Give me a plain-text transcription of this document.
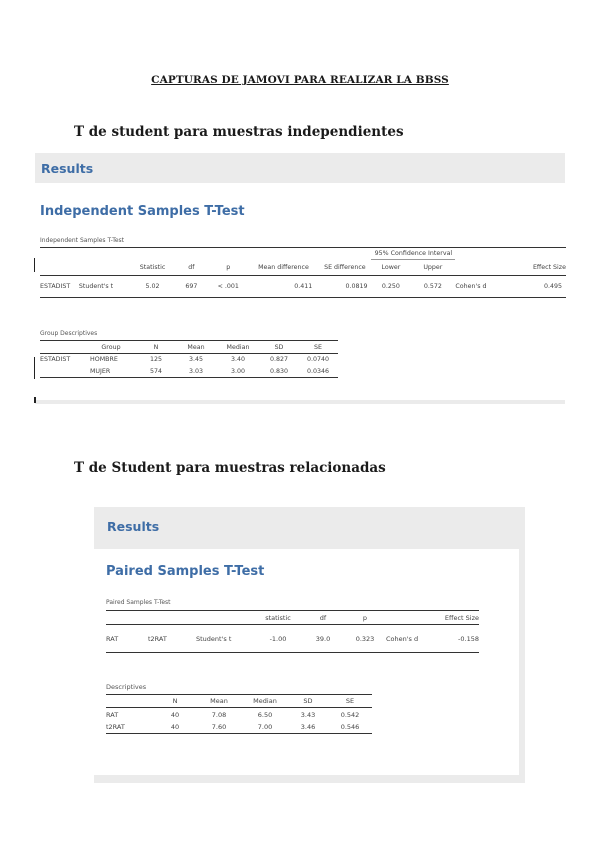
CAPTURAS DE JAMOVI PARA REALIZAR LA BBSS
T de student para muestras independientes
Results
Independent Samples T-Test
Independent Samples T-Test
							95% Confidence Interval			
		Statistic	df	p	Mean difference	SE difference	Lower	Upper		Effect Size
ESTADIST	Student's t	5.02	697	< .001	0.411	0.0819	0.250	0.572	Cohen's d	0.495
Group Descriptives
	Group	N	Mean	Median	SD	SE
ESTADIST	HOMBRE	125	3.45	3.40	0.827	0.0740
	MUJER	574	3.03	3.00	0.830	0.0346
T de Student para muestras relacionadas
Results
Paired Samples T-Test
Paired Samples T-Test
			statistic	df	p		Effect Size
RAT	t2RAT	Student's t	-1.00	39.0	0.323	Cohen's d	-0.158
Descriptives
	N	Mean	Median	SD	SE
RAT	40	7.08	6.50	3.43	0.542
t2RAT	40	7.60	7.00	3.46	0.546
